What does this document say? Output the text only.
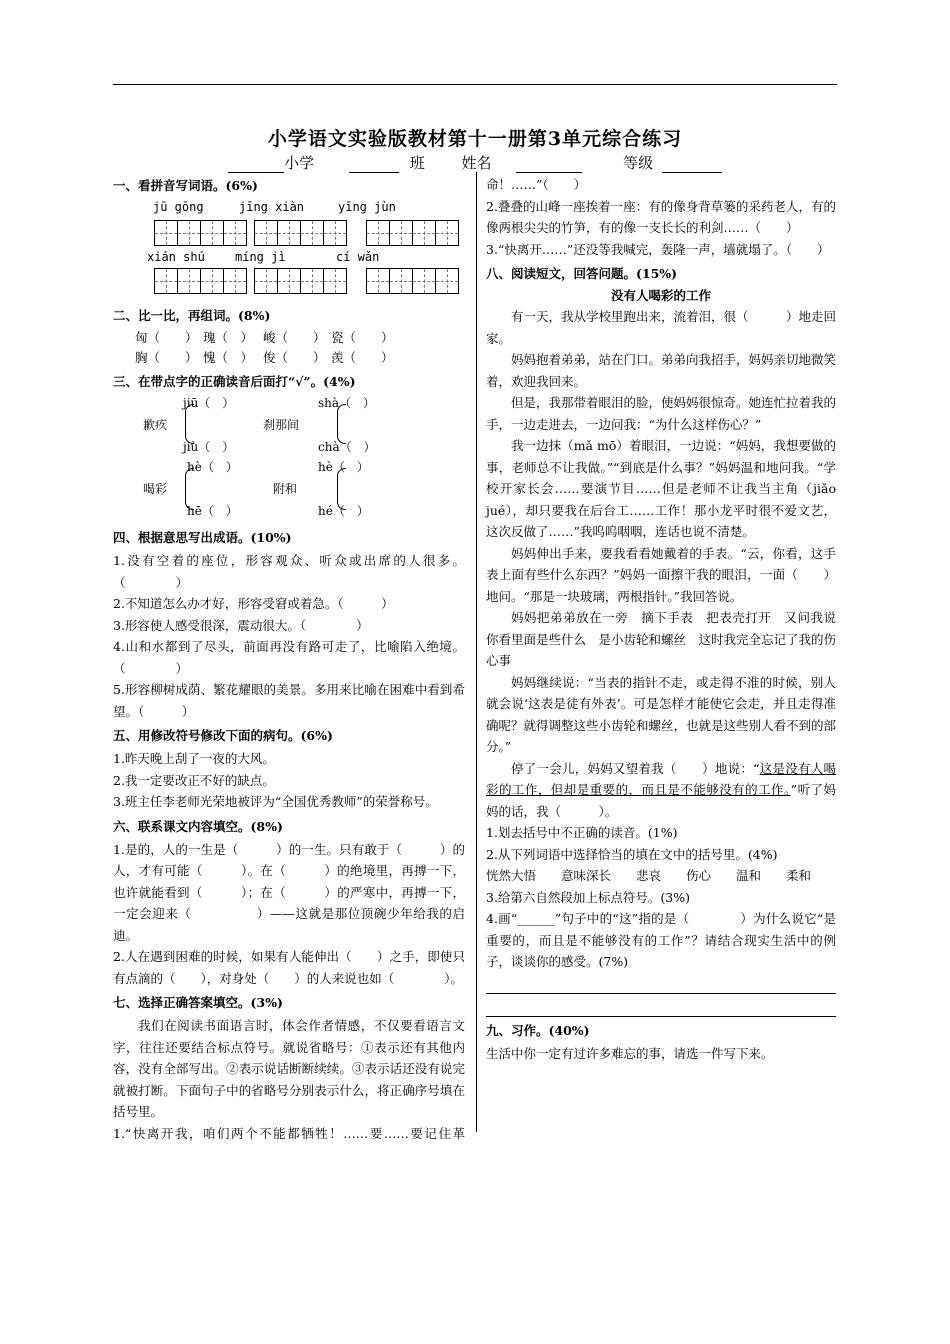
小学语文实验版教材第十一册第3单元综合练习
小学	班 姓名	等级
一、看拼音写词语。(6%)
jū gōng	jīng xiàn	yīng jùn
xián shú	míng jì	cí wǎn
二、比一比，再组词。(8%)
匈（　　） 瑰（　） 峻（　　） 瓷（　　）
胸（　　） 愧（　） 俊（　　） 羡（　　）
三、在带点字的正确读音后面打“√”。(4%)
歉疚
jiū（　）
jiù（　）
刹那间
shà（　）
chà（　）
喝彩
hè（　）
hē（　）
附和
hè（　）
hé（　）
四、根据意思写出成语。(10%)

1.没有空着的座位，形容观众、听众或出席的人很多。（　　　　）

2.不知道怎么办才好，形容受窘或着急。（　　　）

3.形容使人感受很深，震动很大。（　　　　）

4.山和水都到了尽头，前面再没有路可走了，比喻陷入绝境。（　　　　）

5.形容柳树成荫、繁花耀眼的美景。多用来比喻在困难中看到希望。（　　　）

五、用修改符号修改下面的病句。(6%)

1.昨天晚上刮了一夜的大风。

2.我一定要改正不好的缺点。

3.班主任李老师光荣地被评为“全国优秀教师”的荣誉称号。

六、联系课文内容填空。(8%)

1.是的，人的一生是（　　　）的一生。只有敢于（　　　）的人，才有可能（　　　）。在（　　　）的绝境里，再搏一下，也许就能看到（　　　）；在（　　　）的严寒中，再搏一下，一定会迎来（　　　　　）——这就是那位顶碗少年给我的启迪。

2.人在遇到困难的时候，如果有人能伸出（　　）之手，即使只有点滴的（　　），对身处（　　）的人来说也如（　　　　）。

七、选择正确答案填空。(3%)

我们在阅读书面语言时，体会作者情感，不仅要看语言文字，往往还要结合标点符号。就说省略号：①表示还有其他内容，没有全部写出。②表示说话断断续续。③表示话还没有说完就被打断。下面句子中的省略号分别表示什么，将正确序号填在括号里。

1.“快离开我，咱们两个不能都牺牲！……要……要记住革　　

命！……”（　　）

2.叠叠的山峰一座挨着一座：有的像身背草篓的采药老人，有的像两根尖尖的竹笋，有的像一支长长的利剑……（　　）

3.“快离开……”还没等我喊完，轰隆一声，墙就塌了。（　　）

八、阅读短文，回答问题。(15%)
没有人喝彩的工作

有一天，我从学校里跑出来，流着泪，很（　　　）地走回家。

妈妈抱着弟弟，站在门口。弟弟向我招手，妈妈亲切地微笑着，欢迎我回来。

但是，我那带着眼泪的脸，使妈妈很惊奇。她连忙拉着我的手，一边走进去，一边问我：“为什么这样伤心？”

我一边抹（mǎ mō）着眼泪，一边说：“妈妈，我想要做的事，老师总不让我做。”“到底是什么事？”妈妈温和地问我。“学校开家长会……要演节目……但是老师不让我当主角（jiǎo jué），却只要我在后台工……工作！那小龙平时很不爱文艺，这次反做了……”我呜呜咽咽，连话也说不清楚。

妈妈伸出手来，要我看看她戴着的手表。“云，你看，这手表上面有些什么东西？”妈妈一面擦干我的眼泪，一面（　　）地问。“那是一块玻璃，两根指针。”我回答说。

妈妈把弟弟放在一旁　摘下手表　把表壳打开　又问我说　你看里面是些什么　是小齿轮和螺丝　这时我完全忘记了我的伤心事

妈妈继续说：“当表的指针不走，或走得不准的时候，别人就会说‘这表是徒有外表’。可是怎样才能使它会走，并且走得准确呢？就得调整这些小齿轮和螺丝，也就是这些别人看不到的部分。”

停了一会儿，妈妈又望着我（　　）地说：“这是没有人喝彩的工作，但却是重要的，而且是不能够没有的工作。”听了妈妈的话，我（　　　）。

1.划去括号中不正确的读音。(1%)

2.从下列词语中选择恰当的填在文中的括号里。(4%)

恍然大悟　　意味深长　　悲哀　　伤心　　温和　　柔和

3.给第六自然段加上标点符号。(3%)

4.画“______”句子中的“这”指的是（　　　　）为什么说它“是重要的，而且是不能够没有的工作”？请结合现实生活中的例子，谈谈你的感受。(7%)

九、习作。(40%)

生活中你一定有过许多难忘的事，请选一件写下来。
